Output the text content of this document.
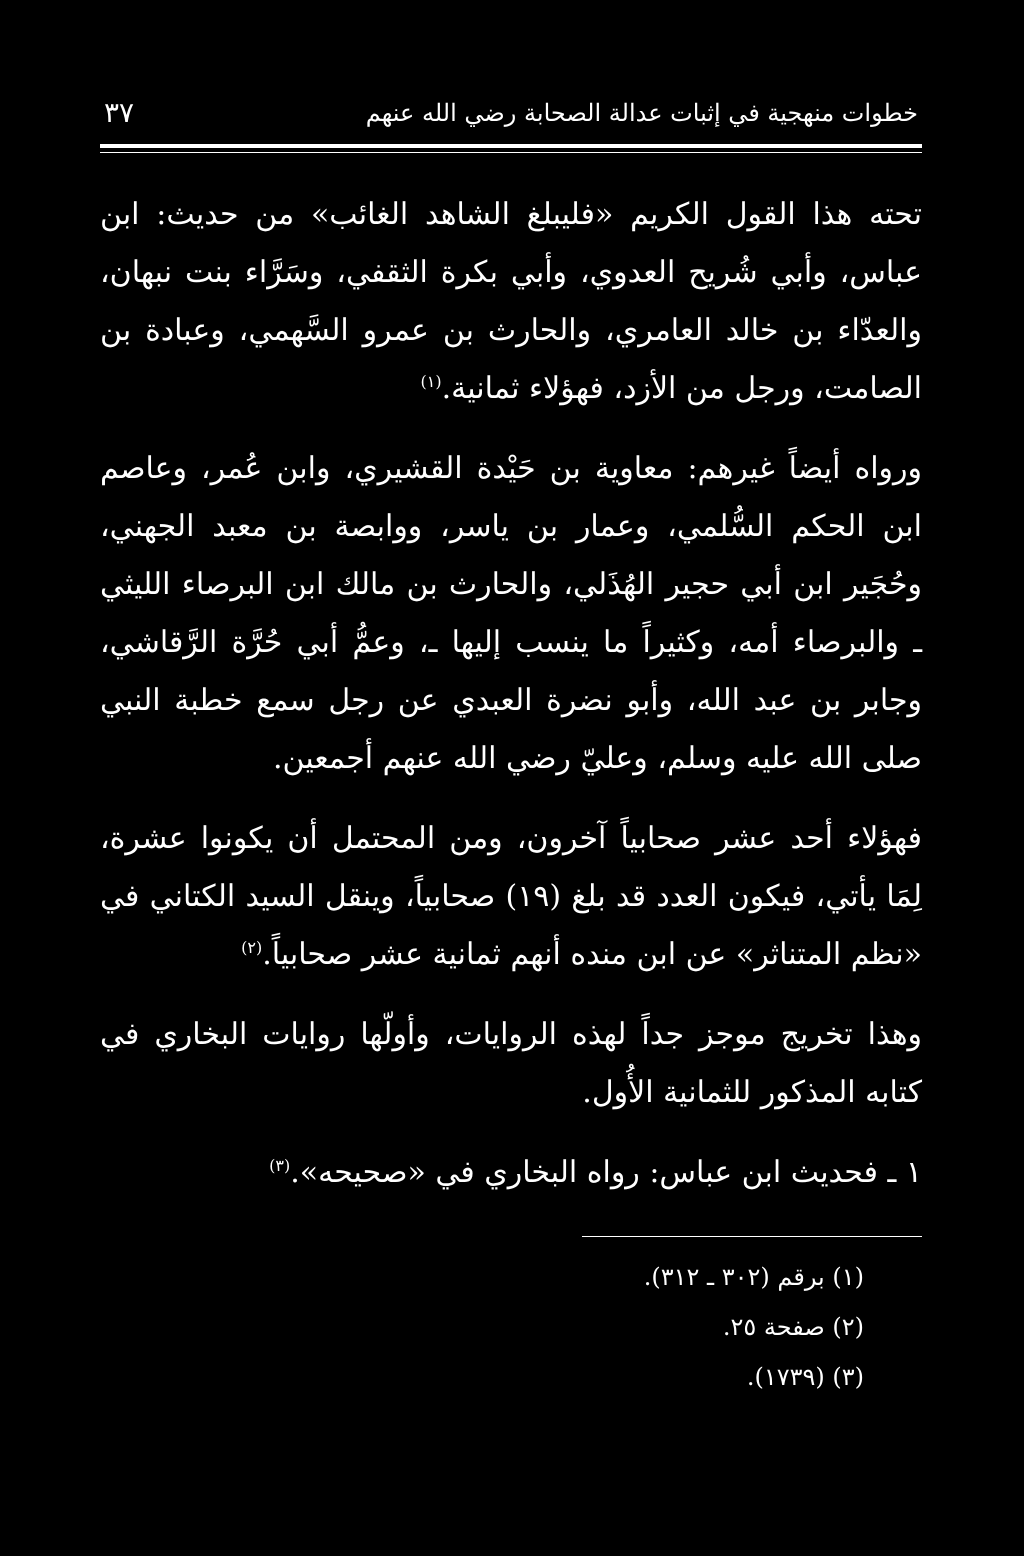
خطوات منهجية في إثبات عدالة الصحابة رضي الله عنهم
٣٧

تحته هذا القول الكريم «فليبلغ الشاهد الغائب» من حديث: ابن عباس، وأبي شُريح العدوي، وأبي بكرة الثقفي، وسَرَّاء بنت نبهان، والعدّاء بن خالد العامري، والحارث بن عمرو السَّهمي، وعبادة بن الصامت، ورجل من الأزد، فهؤلاء ثمانية.$^{(١)}$

ورواه أيضاً غيرهم: معاوية بن حَيْدة القشيري، وابن عُمر، وعاصم ابن الحكم السُّلمي، وعمار بن ياسر، ووابصة بن معبد الجهني، وحُجَير ابن أبي حجير الهُذَلي، والحارث بن مالك ابن البرصاء الليثي ـ والبرصاء أمه، وكثيراً ما ينسب إليها ـ، وعمُّ أبي حُرَّة الرَّقاشي، وجابر بن عبد الله، وأبو نضرة العبدي عن رجل سمع خطبة النبي صلى الله عليه وسلم، وعليّ رضي الله عنهم أجمعين.

فهؤلاء أحد عشر صحابياً آخرون، ومن المحتمل أن يكونوا عشرة، لِمَا يأتي، فيكون العدد قد بلغ (١٩) صحابياً، وينقل السيد الكتاني في «نظم المتناثر» عن ابن منده أنهم ثمانية عشر صحابياً.$^{(٢)}$

وهذا تخريج موجز جداً لهذه الروايات، وأولّها روايات البخاري في كتابه المذكور للثمانية الأُول.

١ ـ فحديث ابن عباس: رواه البخاري في «صحيحه».$^{(٣)}$

(١) برقم (٣٠٢ ـ ٣١٢).
(٢) صفحة ٢٥.
(٣) (١٧٣٩).
